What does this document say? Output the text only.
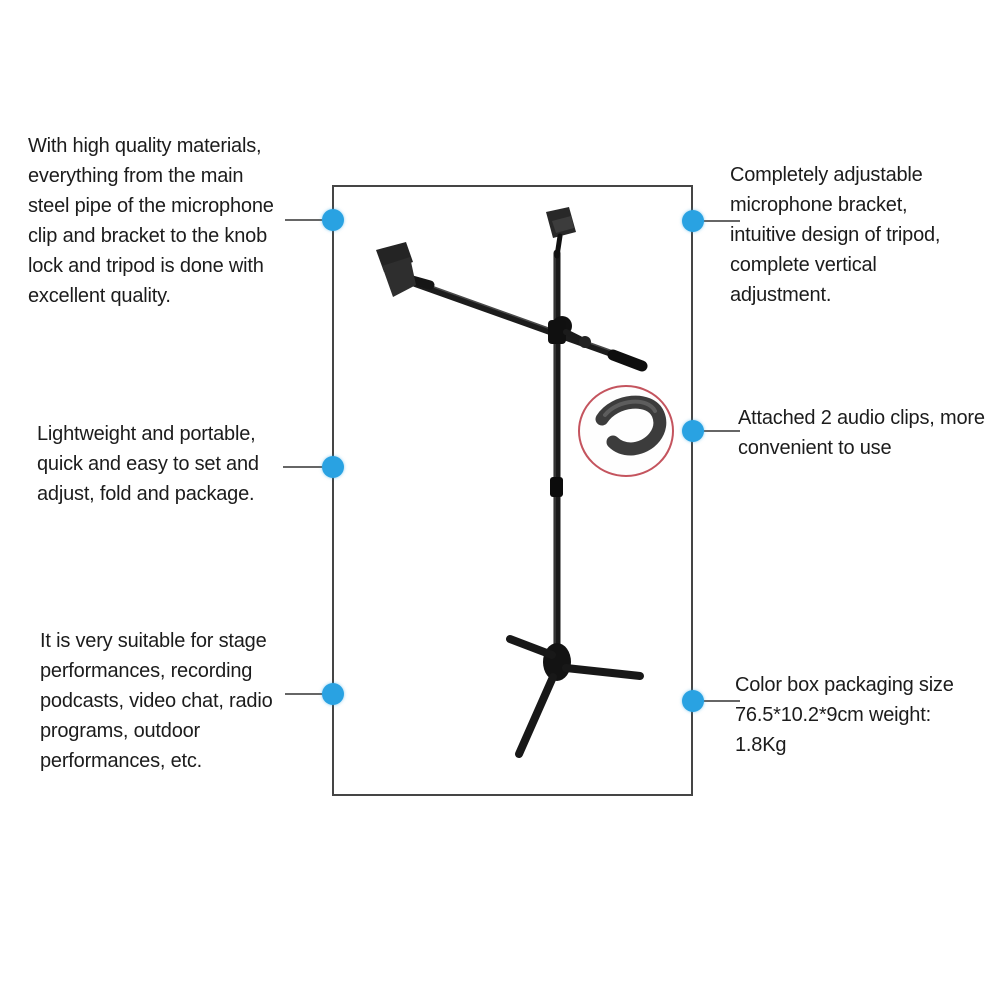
With high quality materials,
everything from the main
steel pipe of the microphone
clip and bracket to the knob
lock and tripod is done with
excellent quality.
Lightweight and portable,
quick and easy to set and
adjust, fold and package.
It is very suitable for stage
performances, recording
podcasts, video chat, radio
programs, outdoor
performances, etc.
Completely adjustable
microphone bracket,
intuitive design of tripod,
complete vertical
adjustment.
Attached 2 audio clips, more
convenient to use
Color box packaging size
76.5*10.2*9cm weight:
1.8Kg
